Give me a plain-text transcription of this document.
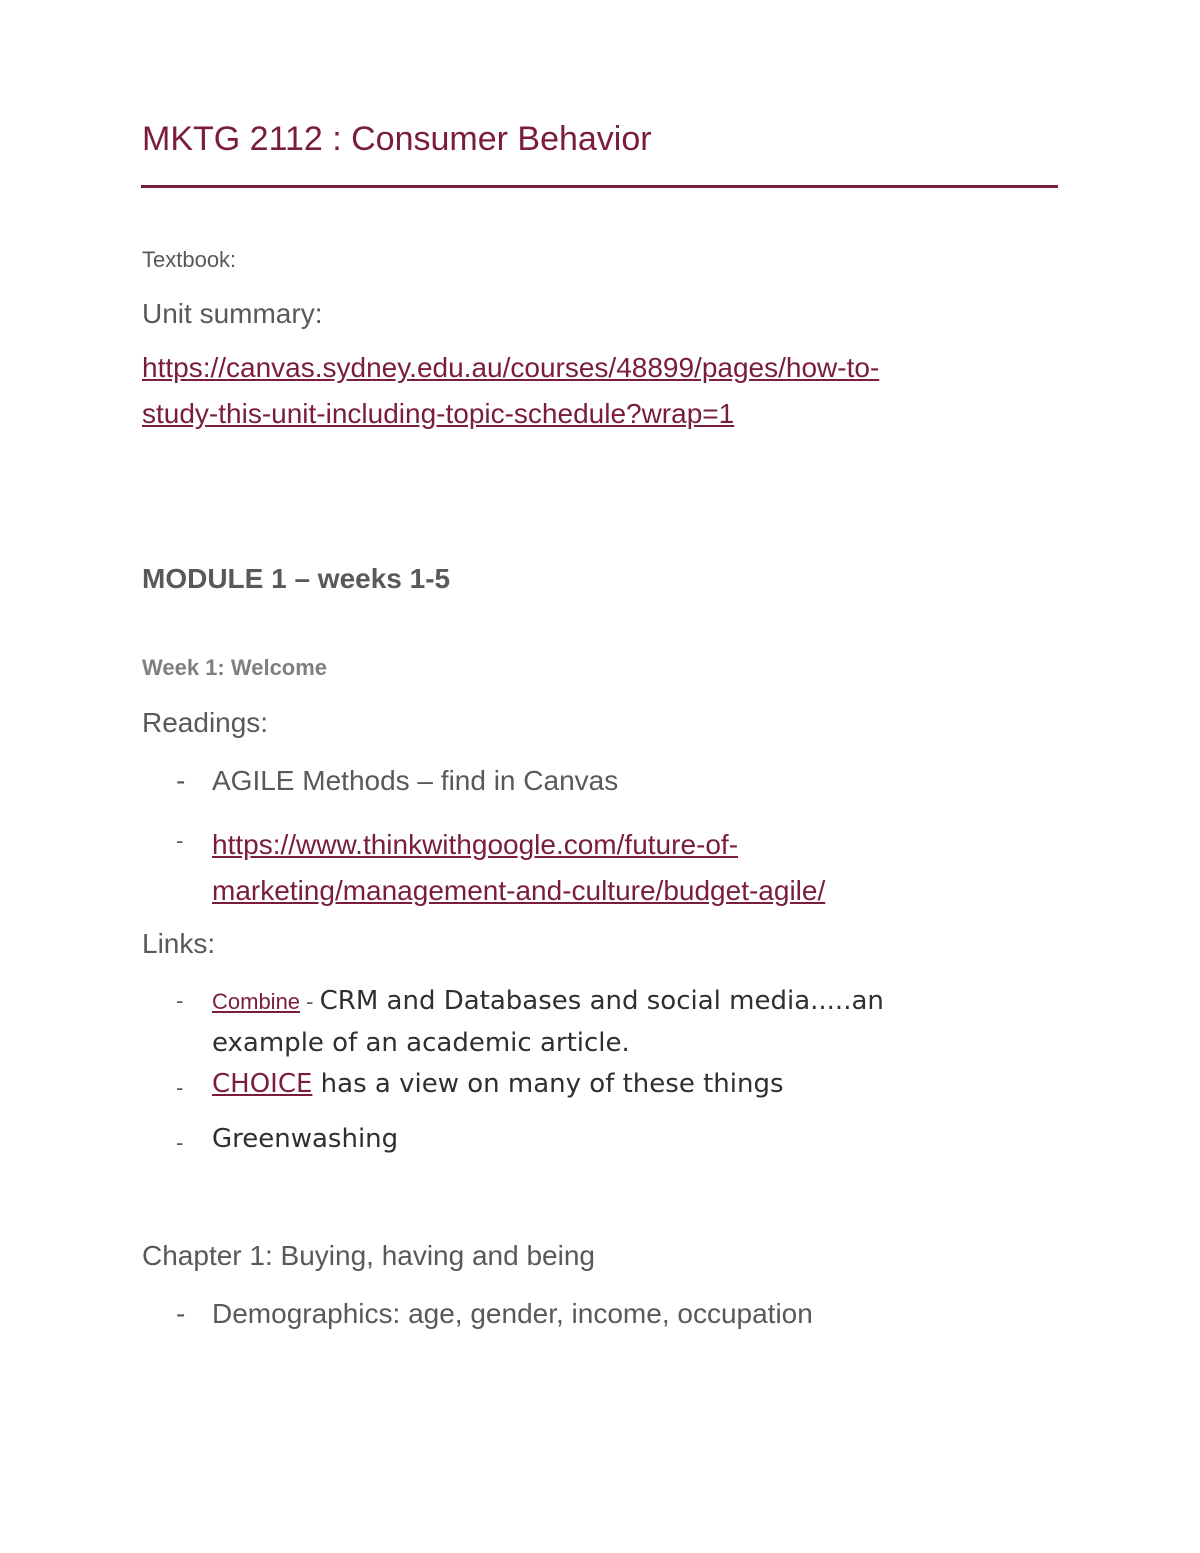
MKTG 2112 : Consumer Behavior
Textbook:
Unit summary:
https://canvas.sydney.edu.au/courses/48899/pages/how-to-
study-this-unit-including-topic-schedule?wrap=1
MODULE 1 – weeks 1-5
Week 1: Welcome
Readings:
- AGILE Methods – find in Canvas
- https://www.thinkwithgoogle.com/future-of-
marketing/management-and-culture/budget-agile/
Links:
- Combine - CRM and Databases and social media.....an
example of an academic article.
- CHOICE has a view on many of these things
- Greenwashing
Chapter 1: Buying, having and being
- Demographics: age, gender, income, occupation
